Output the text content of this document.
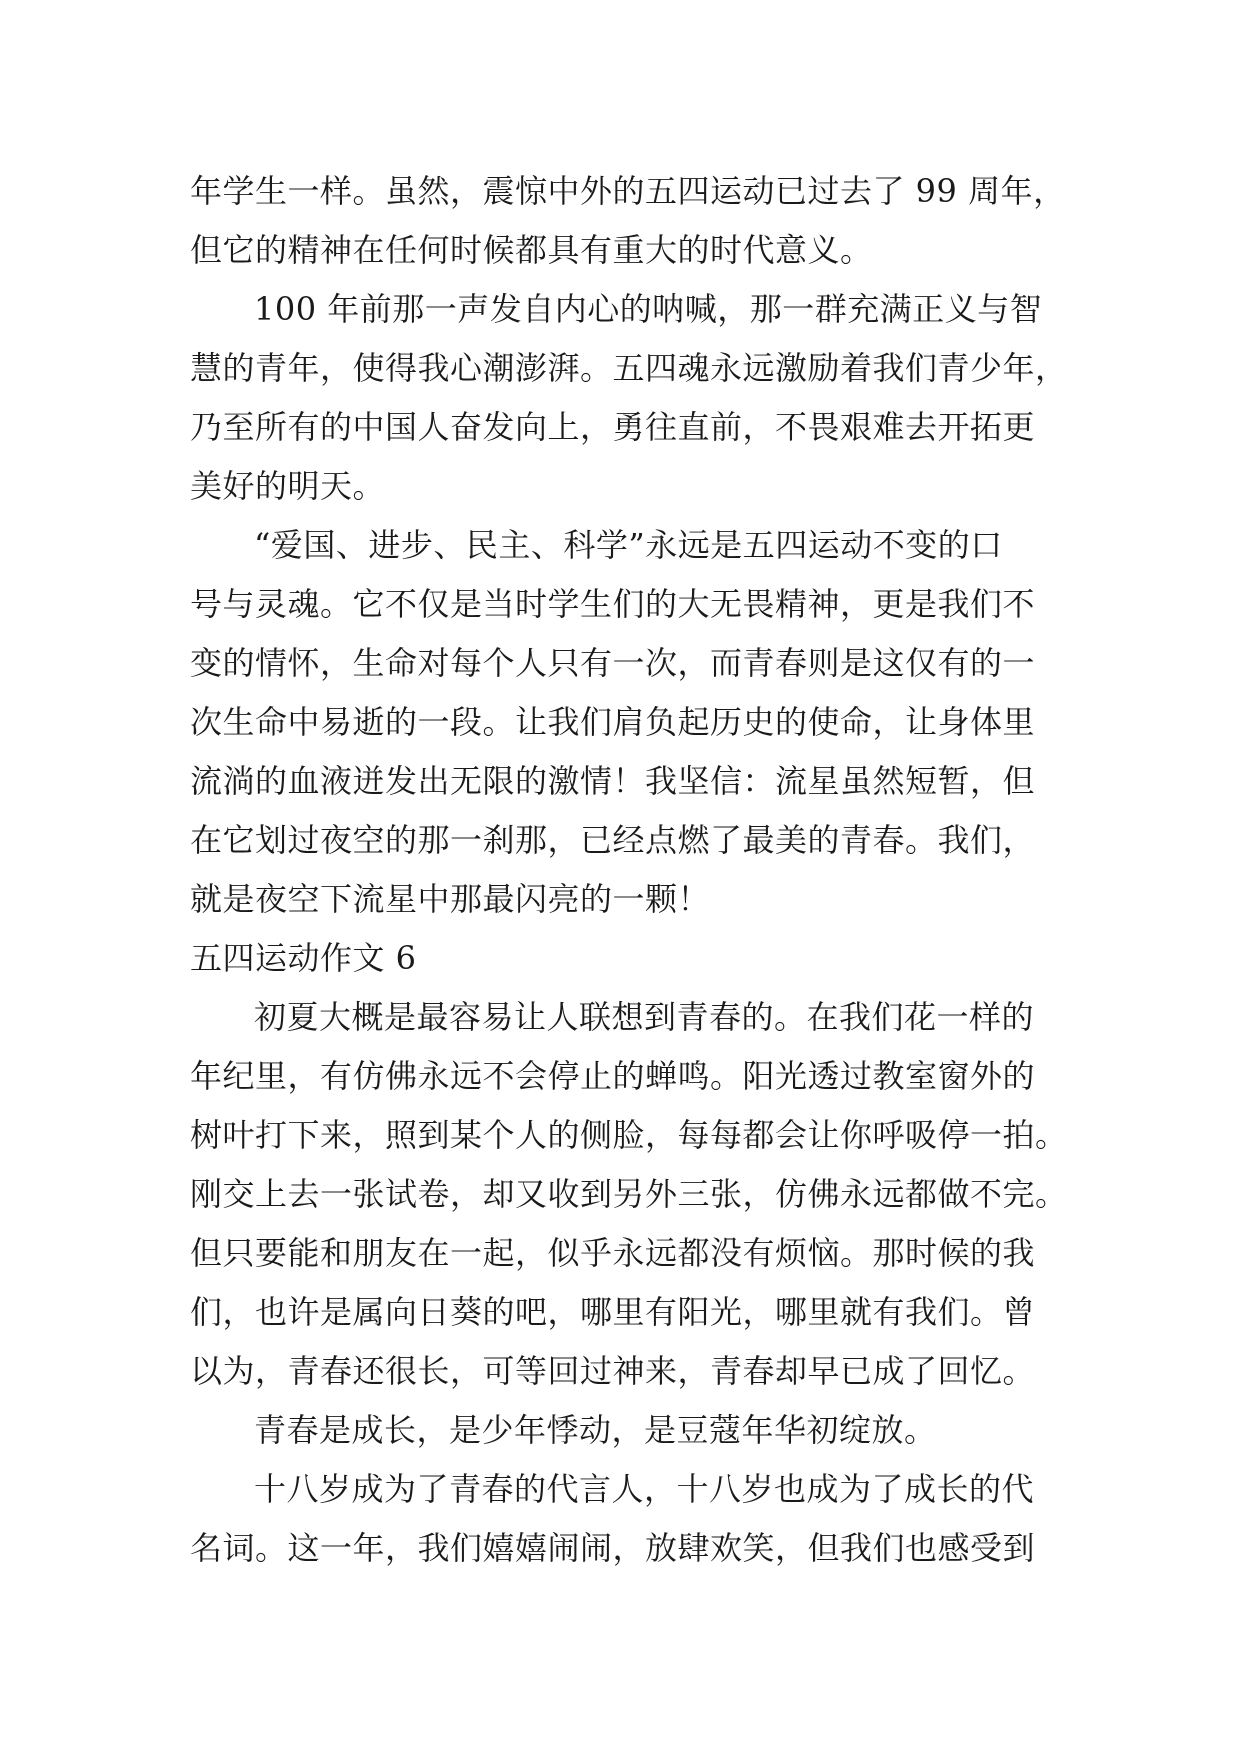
年学生一样。虽然，震惊中外的五四运动已过去了 99 周年，
但它的精神在任何时候都具有重大的时代意义。
100 年前那一声发自内心的呐喊，那一群充满正义与智
慧的青年，使得我心潮澎湃。五四魂永远激励着我们青少年，
乃至所有的中国人奋发向上，勇往直前，不畏艰难去开拓更
美好的明天。
“爱国、进步、民主、科学”永远是五四运动不变的口
号与灵魂。它不仅是当时学生们的大无畏精神，更是我们不
变的情怀，生命对每个人只有一次，而青春则是这仅有的一
次生命中易逝的一段。让我们肩负起历史的使命，让身体里
流淌的血液迸发出无限的激情！我坚信：流星虽然短暂，但
在它划过夜空的那一刹那，已经点燃了最美的青春。我们，
就是夜空下流星中那最闪亮的一颗！
五四运动作文 6
初夏大概是最容易让人联想到青春的。在我们花一样的
年纪里，有仿佛永远不会停止的蝉鸣。阳光透过教室窗外的
树叶打下来，照到某个人的侧脸，每每都会让你呼吸停一拍。
刚交上去一张试卷，却又收到另外三张，仿佛永远都做不完。
但只要能和朋友在一起，似乎永远都没有烦恼。那时候的我
们，也许是属向日葵的吧，哪里有阳光，哪里就有我们。曾
以为，青春还很长，可等回过神来，青春却早已成了回忆。
青春是成长，是少年悸动，是豆蔻年华初绽放。
十八岁成为了青春的代言人，十八岁也成为了成长的代
名词。这一年，我们嬉嬉闹闹，放肆欢笑，但我们也感受到
